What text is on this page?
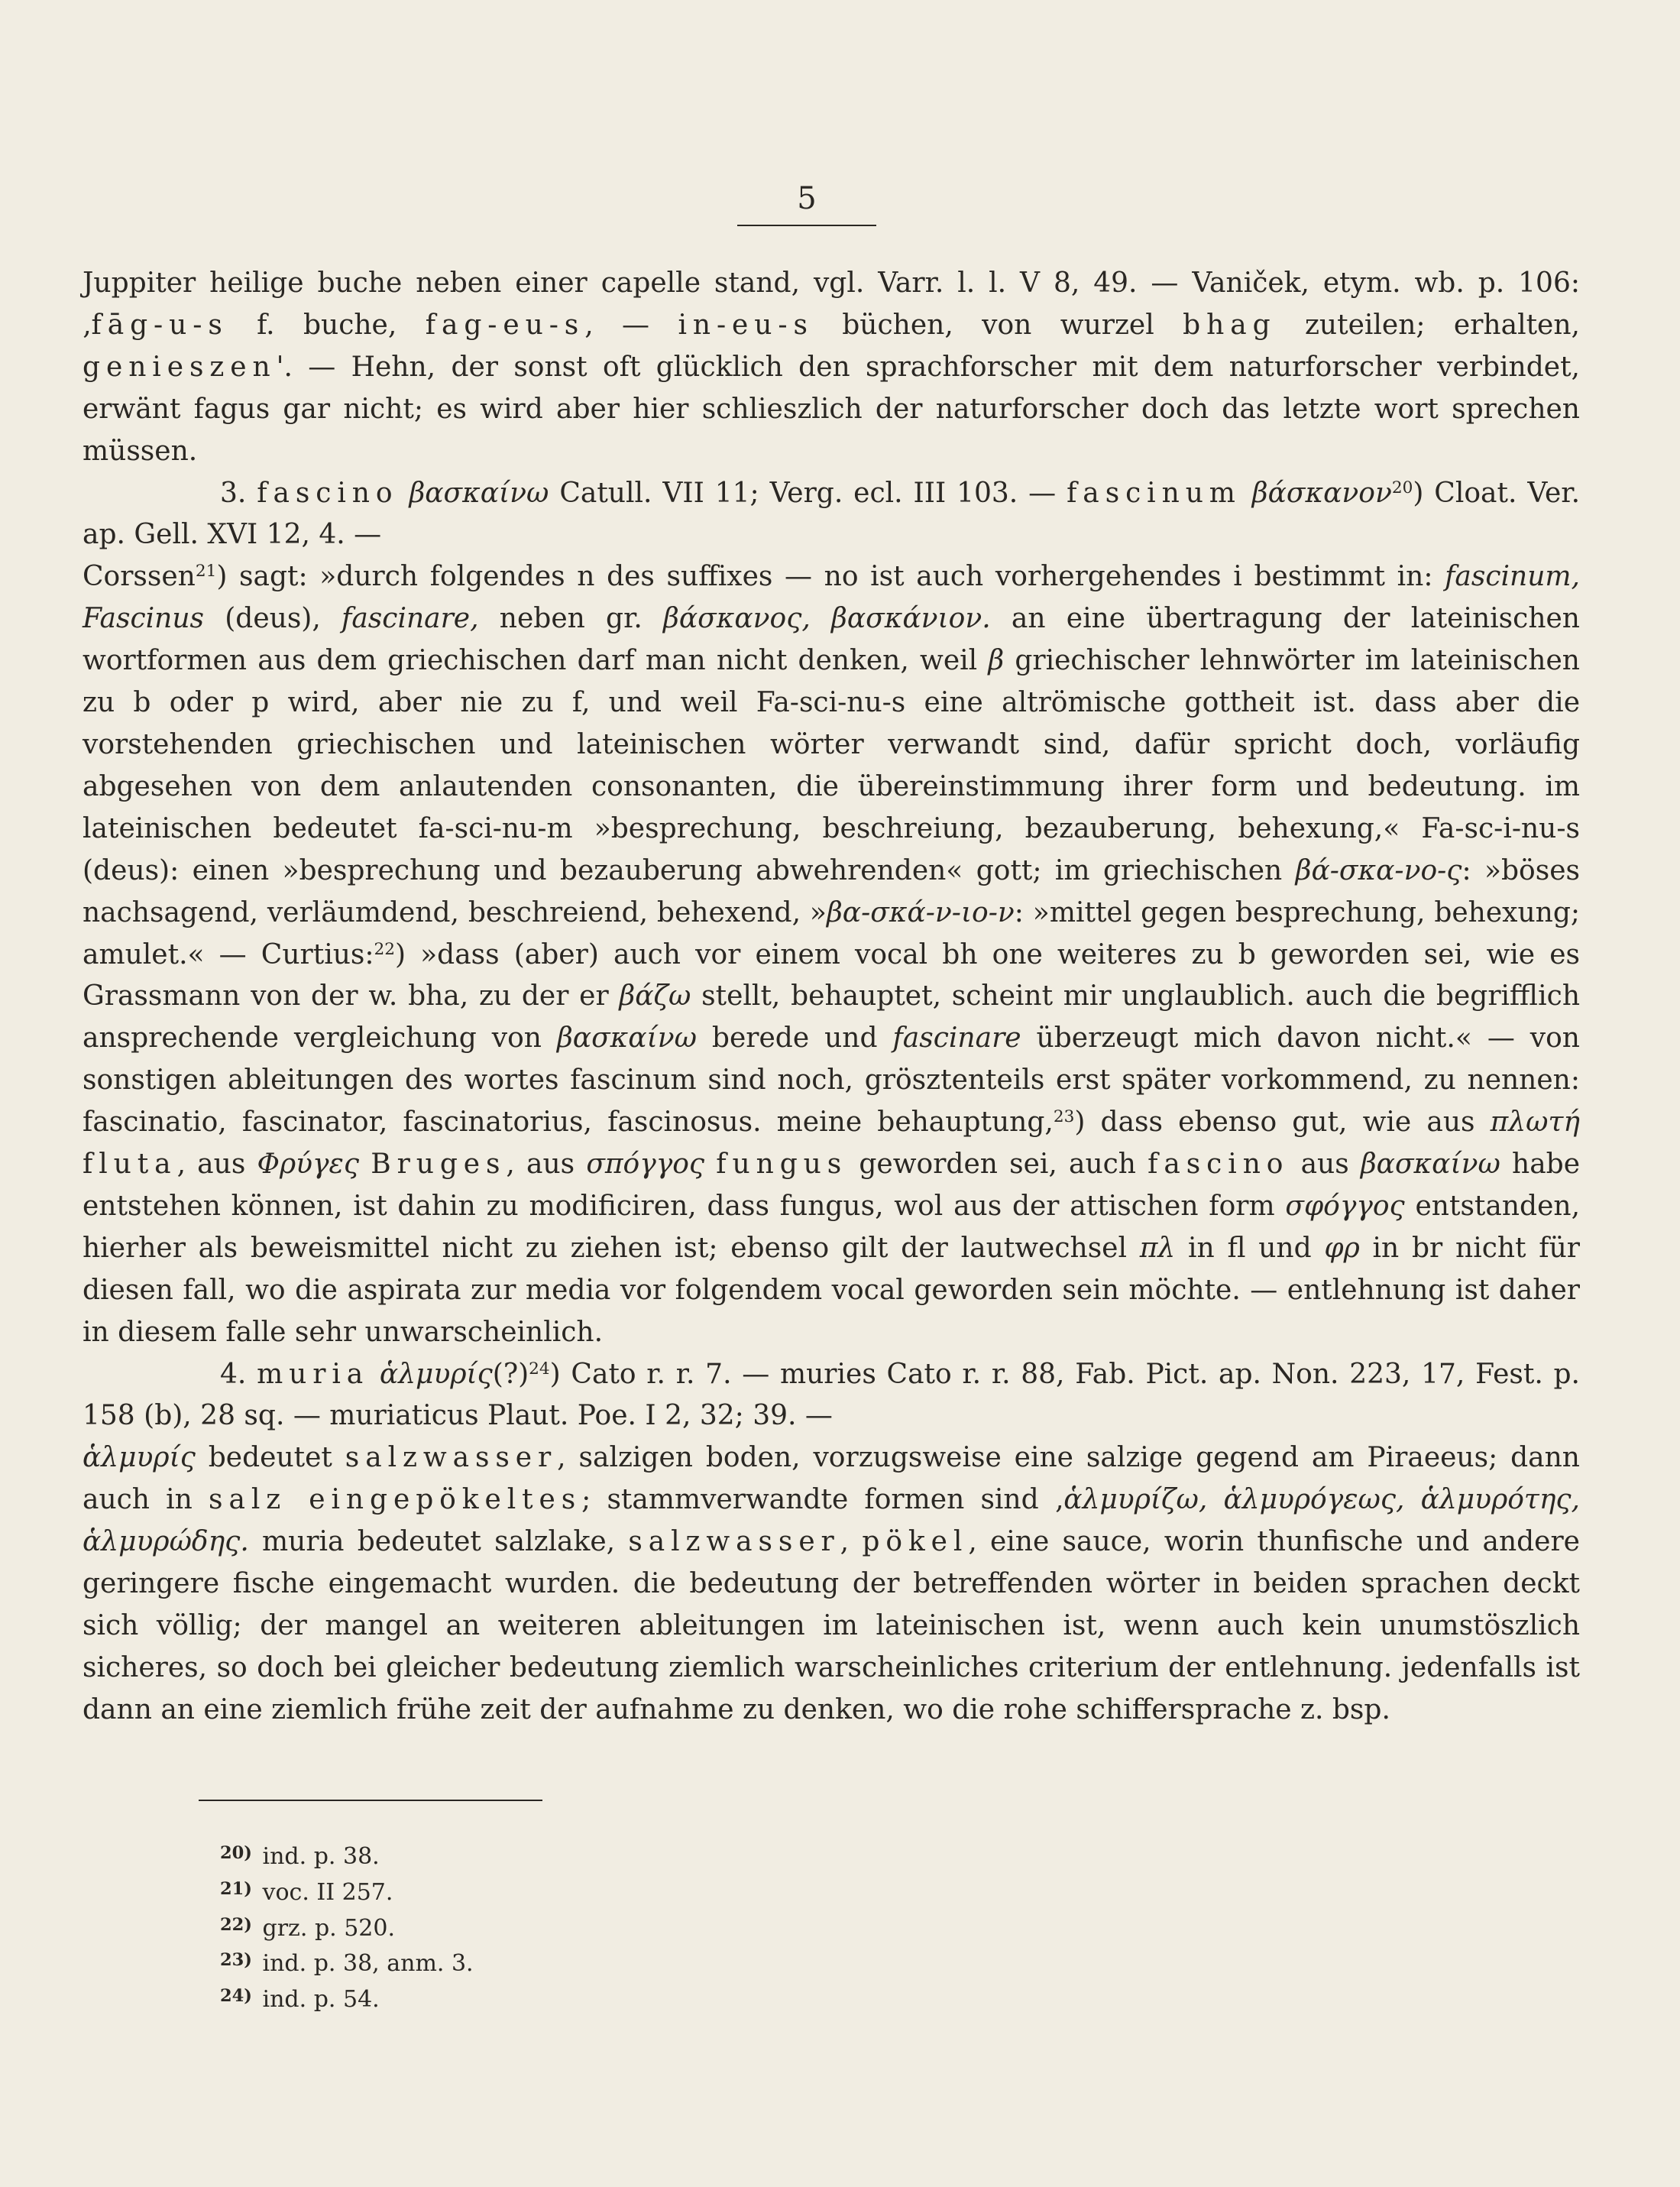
5

Juppiter heilige buche neben einer capelle stand, vgl. Varr. l. l. V 8, 49. — Vaniček, etym. wb. p. 106: ‚fāg-u-s f. buche, fag-eu-s, — in-eu-s büchen, von wurzel bhag zuteilen; erhalten, genieszen'. — Hehn, der sonst oft glücklich den sprachforscher mit dem naturforscher verbindet, erwänt fagus gar nicht; es wird aber hier schlieszlich der naturforscher doch das letzte wort sprechen müssen.

3. fascino βασκαίνω Catull. VII 11; Verg. ecl. III 103. — fascinum βάσκανον$^{20}$) Cloat. Ver. ap. Gell. XVI 12, 4. —

Corssen$^{21}$) sagt: »durch folgendes n des suffixes — no ist auch vorhergehendes i bestimmt in: fascinum, Fascinus (deus), fascinare, neben gr. βάσκανος, βασκάνιον. an eine übertragung der lateinischen wortformen aus dem griechischen darf man nicht denken, weil β griechischer lehnwörter im lateinischen zu b oder p wird, aber nie zu f, und weil Fa-sci-nu-s eine altrömische gottheit ist. dass aber die vorstehenden griechischen und lateinischen wörter verwandt sind, dafür spricht doch, vorläufig abgesehen von dem anlautenden consonanten, die übereinstimmung ihrer form und bedeutung. im lateinischen bedeutet fa-sci-nu-m »besprechung, beschreiung, bezauberung, behexung,« Fa-sc-i-nu-s (deus): einen »besprechung und bezauberung abwehrenden« gott; im griechischen βά-σκα-νο-ς: »böses nachsagend, verläumdend, beschreiend, behexend, »βα-σκά-ν-ιο-ν: »mittel gegen besprechung, behexung; amulet.« — Curtius:$^{22}$) »dass (aber) auch vor einem vocal bh one weiteres zu b geworden sei, wie es Grassmann von der w. bha, zu der er βάζω stellt, behauptet, scheint mir unglaublich. auch die begrifflich ansprechende vergleichung von βασκαίνω berede und fascinare überzeugt mich davon nicht.« — von sonstigen ableitungen des wortes fascinum sind noch, grösztenteils erst später vorkommend, zu nennen: fascinatio, fascinator, fascinatorius, fascinosus. meine behauptung,$^{23}$) dass ebenso gut, wie aus πλωτή fluta, aus Φρύγες Bruges, aus σπόγγος fungus geworden sei, auch fascino aus βασκαίνω habe entstehen können, ist dahin zu modificiren, dass fungus, wol aus der attischen form σφόγγος entstanden, hierher als beweismittel nicht zu ziehen ist; ebenso gilt der lautwechsel πλ in fl und φρ in br nicht für diesen fall, wo die aspirata zur media vor folgendem vocal geworden sein möchte. — entlehnung ist daher in diesem falle sehr unwarscheinlich.

4. muria ἁλμυρίς(?)$^{24}$) Cato r. r. 7. — muries Cato r. r. 88, Fab. Pict. ap. Non. 223, 17, Fest. p. 158 (b), 28 sq. — muriaticus Plaut. Poe. I 2, 32; 39. —

ἁλμυρίς bedeutet salzwasser, salzigen boden, vorzugsweise eine salzige gegend am Piraeeus; dann auch in salz eingepökeltes; stammverwandte formen sind ‚ἁλμυρίζω, ἁλμυρόγεως, ἁλμυρότης, ἁλμυρώδης. muria bedeutet salzlake, salzwasser, pökel, eine sauce, worin thunfische und andere geringere fische eingemacht wurden. die bedeutung der betreffenden wörter in beiden sprachen deckt sich völlig; der mangel an weiteren ableitungen im lateinischen ist, wenn auch kein unumstöszlich sicheres, so doch bei gleicher bedeutung ziemlich warscheinliches criterium der entlehnung. jedenfalls ist dann an eine ziemlich frühe zeit der aufnahme zu denken, wo die rohe schiffersprache z. bsp.

$^{20)}$ ind. p. 38.
$^{21)}$ voc. II 257.
$^{22)}$ grz. p. 520.
$^{23)}$ ind. p. 38, anm. 3.
$^{24)}$ ind. p. 54.
